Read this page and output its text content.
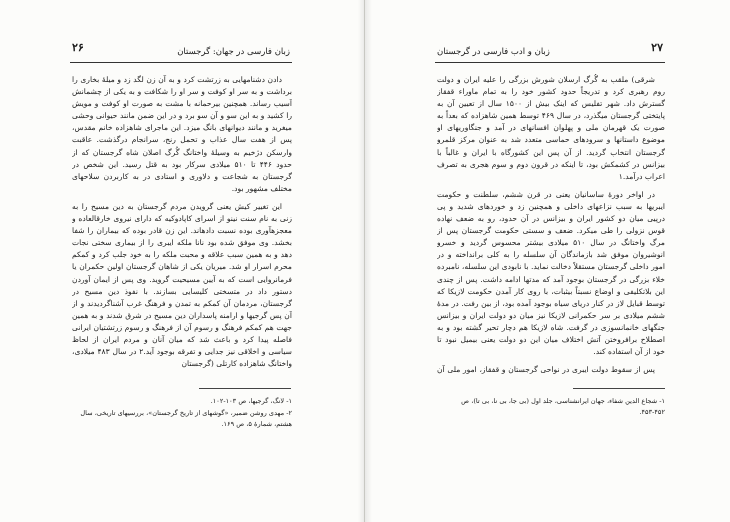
۲۶	زبان فارسی در جهان: گرجستان

دادن دشنامهایی به زرتشت کرد و به آن زن لگد زد و میلهٔ بخاری را برداشت و به سر او کوفت و سر او را شکافت و به یکی از چشمانش آسیب رساند. همچنین بیرحمانه با مشت به صورت او کوفت و مویش را کشید و به این سو و آن سو برد و در این ضمن مانند حیوانی وحشی میغرید و مانند دیوانهای بانگ میزد. این ماجرای شاهزاده خانم مقدس، پس از هفت سال عذاب و تحمل رنج، سرانجام درگذشت. عاقبت وارسکن دژخیم به وسیلهٔ واختانگ گُرگ اصلان شاه گرجستان که از حدود ۴۴۶ تا ۵۱۰ میلادی سرکار بود به قتل رسید. این شخص در گرجستان به شجاعت و دلاوری و استادی در به کاربردن سلاحهای مختلف مشهور بود.

این تغییر کیش یعنی گرویدن مردم گرجستان به دین مسیح را به زنی به نام سنت نینو از اسرای کاپادوکیه که دارای نیروی خارقالعاده و معجزهآوری بوده نسبت دادهاند. این زن قادر بوده که بیماران را شفا بخشد. وی موفق شده بود نانا ملکه ایبری را از بیماری سختی نجات دهد و به همین سبب علاقه و محبت ملکه را به خود جلب کرد و کمکم محرم اسرار او شد. میریان یکی از شاهان گرجستان اولین حکمران یا فرمانروایی است که به آیین مسیحیت گروید. وی پس از ایمان آوردن دستور داد در متسختی کلیسایی بسازند. با نفوذ دین مسیح در گرجستان، مردمان آن کمکم به تمدن و فرهنگ غرب آشناگردیدند و از آن پس گرجیها و ارامنه پاسداران دین مسیح در شرق شدند و به همین جهت هم کمکم فرهنگ و رسوم آن از فرهنگ و رسوم زرتشتیان ایرانی فاصله پیدا کرد و باعث شد که میان آنان و مردم ایران از لحاظ سیاسی و اخلاقی نیز جدایی و تفرقه بوجود آید.۲ در سال ۴۸۳ میلادی، واختانگ شاهزاده کارتلی (گرجستان

۱- لانگ، گرجیها، ص ۱۰۳-۱۰۲.
۲- مهدی روشن ضمیر، «گوشهای از تاریخ گرجستان»، بررسیهای تاریخی، سال هشتم، شمارهٔ ۵، ص ۱۶۹.
۲۷
زبان و ادب فارسی در گرجستان

شرقی) ملقب به گُرگ ارسلان شورش بزرگی را علیه ایران و دولت روم رهبری کرد و تدریجاً حدود کشور خود را به تمام ماوراء قفقاز گسترش داد. شهر تفلیس که اینک بیش از ۱۵۰۰ سال از تعیین آن به پایتختی گرجستان میگذرد، در سال ۴۶۹ توسط همین شاهزاده که بعداً به صورت یک قهرمان ملی و پهلوان افسانهای در آمد و جنگاوریهای او موضوع داستانها و سرودهای حماسی متعدد شد به عنوان مرکز قلمرو گرجستان انتخاب گردید. از آن پس این کشورگاه با ایران و غالباً با بیزانس در کشمکش بود، تا اینکه در قرون دوم و سوم هجری به تصرف اعراب درآمد.۱

در اواخر دورهٔ ساسانیان یعنی در قرن ششم، سلطنت و حکومت ایبریها به سبب نزاعهای داخلی و همچنین زد و خوردهای شدید و پی درپیی میان دو کشور ایران و بیزانس در آن حدود، رو به ضعف نهاده قوس نزولی را طی میکرد. ضعف و سستی حکومت گرجستان پس از مرگ واختانگ در سال ۵۱۰ میلادی بیشتر محسوس گردید و خسرو انوشیروان موفق شد بازماندگان آن سلسله را به کلی برانداخته و در امور داخلی گرجستان مستقلاً دخالت نماید. با نابودی این سلسله، نامبرده خلاء بزرگی در گرجستان بوجود آمد که مدتها ادامه داشت. پس از چندی این بلاتکلیفی و اوضاع نسبتاً بیثبات، با روی کار آمدن حکومت لازیکا که توسط قبایل لاز در کنار دریای سیاه بوجود آمده بود، از بین رفت. در مدهٔ ششم میلادی بر سر حکمرانی لازیکا نیز میان دو دولت ایران و بیزانس جنگهای خانمانسوزی در گرفت. شاه لازیکا هم دچار تحیر گشته بود و به اصطلاح برافروختن آتش اختلاف میان این دو دولت یعنی بیمیل نبود تا خود از آن استفاده کند.

پس از سقوط دولت ایبری در نواحی گرجستان و قفقاز، امور ملی آن

۱- شجاع الدین شفاء، جهان ایرانشناسی، جلد اول (بی جا، بی نا، بی تا)، ص ۴۵۲-۴۵۳.
